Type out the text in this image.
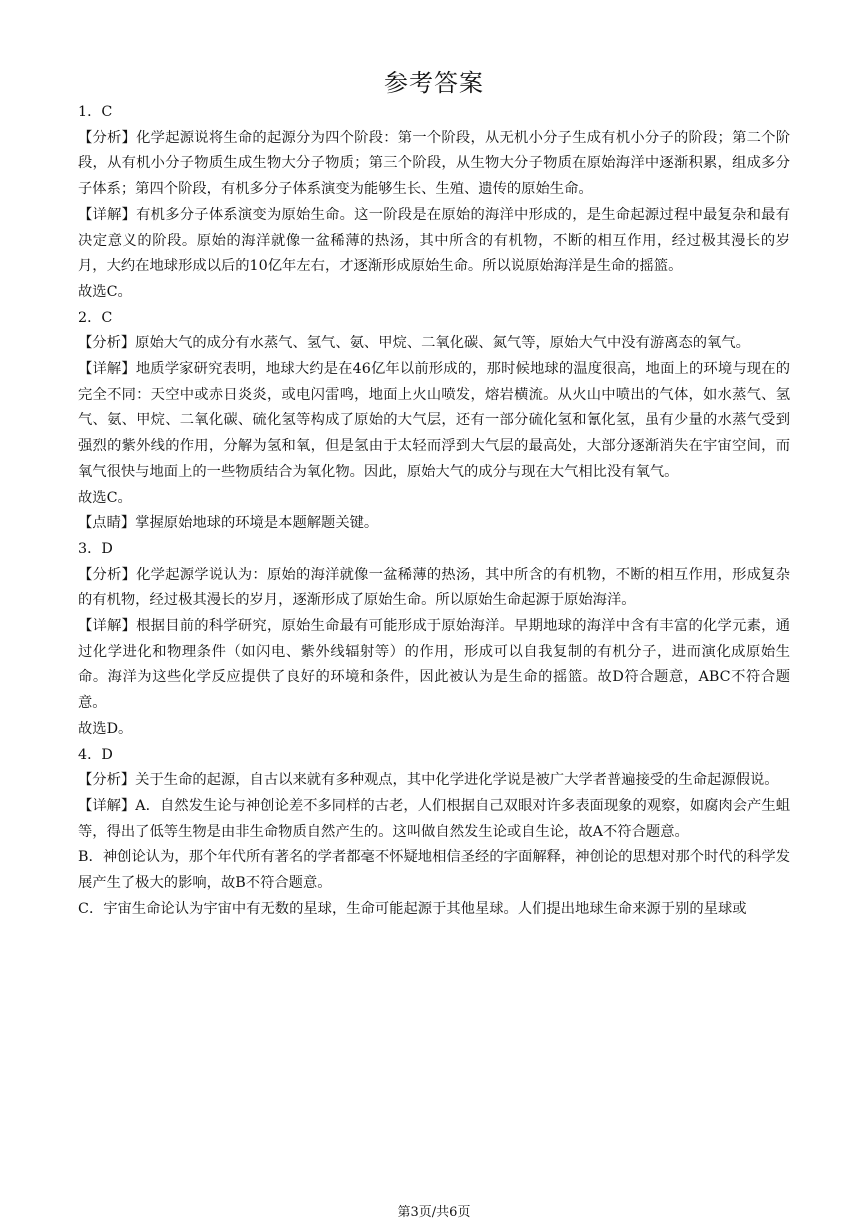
参考答案

1．C

【分析】化学起源说将生命的起源分为四个阶段：第一个阶段，从无机小分子生成有机小分子的阶段；第二个阶段，从有机小分子物质生成生物大分子物质；第三个阶段，从生物大分子物质在原始海洋中逐渐积累，组成多分子体系；第四个阶段，有机多分子体系演变为能够生长、生殖、遗传的原始生命。

【详解】有机多分子体系演变为原始生命。这一阶段是在原始的海洋中形成的，是生命起源过程中最复杂和最有决定意义的阶段。原始的海洋就像一盆稀薄的热汤，其中所含的有机物，不断的相互作用，经过极其漫长的岁月，大约在地球形成以后的10亿年左右，才逐渐形成原始生命。所以说原始海洋是生命的摇篮。

故选C。

2．C

【分析】原始大气的成分有水蒸气、氢气、氨、甲烷、二氧化碳、氮气等，原始大气中没有游离态的氧气。

【详解】地质学家研究表明，地球大约是在46亿年以前形成的，那时候地球的温度很高，地面上的环境与现在的完全不同：天空中或赤日炎炎，或电闪雷鸣，地面上火山喷发，熔岩横流。从火山中喷出的气体，如水蒸气、氢气、氨、甲烷、二氧化碳、硫化氢等构成了原始的大气层，还有一部分硫化氢和氰化氢，虽有少量的水蒸气受到强烈的紫外线的作用，分解为氢和氧，但是氢由于太轻而浮到大气层的最高处，大部分逐渐消失在宇宙空间，而氧气很快与地面上的一些物质结合为氧化物。因此，原始大气的成分与现在大气相比没有氧气。

故选C。

【点睛】掌握原始地球的环境是本题解题关键。

3．D

【分析】化学起源学说认为：原始的海洋就像一盆稀薄的热汤，其中所含的有机物，不断的相互作用，形成复杂的有机物，经过极其漫长的岁月，逐渐形成了原始生命。所以原始生命起源于原始海洋。

【详解】根据目前的科学研究，原始生命最有可能形成于原始海洋。早期地球的海洋中含有丰富的化学元素，通过化学进化和物理条件（如闪电、紫外线辐射等）的作用，形成可以自我复制的有机分子，进而演化成原始生命。海洋为这些化学反应提供了良好的环境和条件，因此被认为是生命的摇篮。故D符合题意，ABC不符合题意。

故选D。

4．D

【分析】关于生命的起源，自古以来就有多种观点，其中化学进化学说是被广大学者普遍接受的生命起源假说。

【详解】A．自然发生论与神创论差不多同样的古老，人们根据自己双眼对许多表面现象的观察，如腐肉会产生蛆等，得出了低等生物是由非生命物质自然产生的。这叫做自然发生论或自生论，故A不符合题意。

B．神创论认为，那个年代所有著名的学者都毫不怀疑地相信圣经的字面解释，神创论的思想对那个时代的科学发展产生了极大的影响，故B不符合题意。

C．宇宙生命论认为宇宙中有无数的星球，生命可能起源于其他星球。人们提出地球生命来源于别的星球或

第3页/共6页
